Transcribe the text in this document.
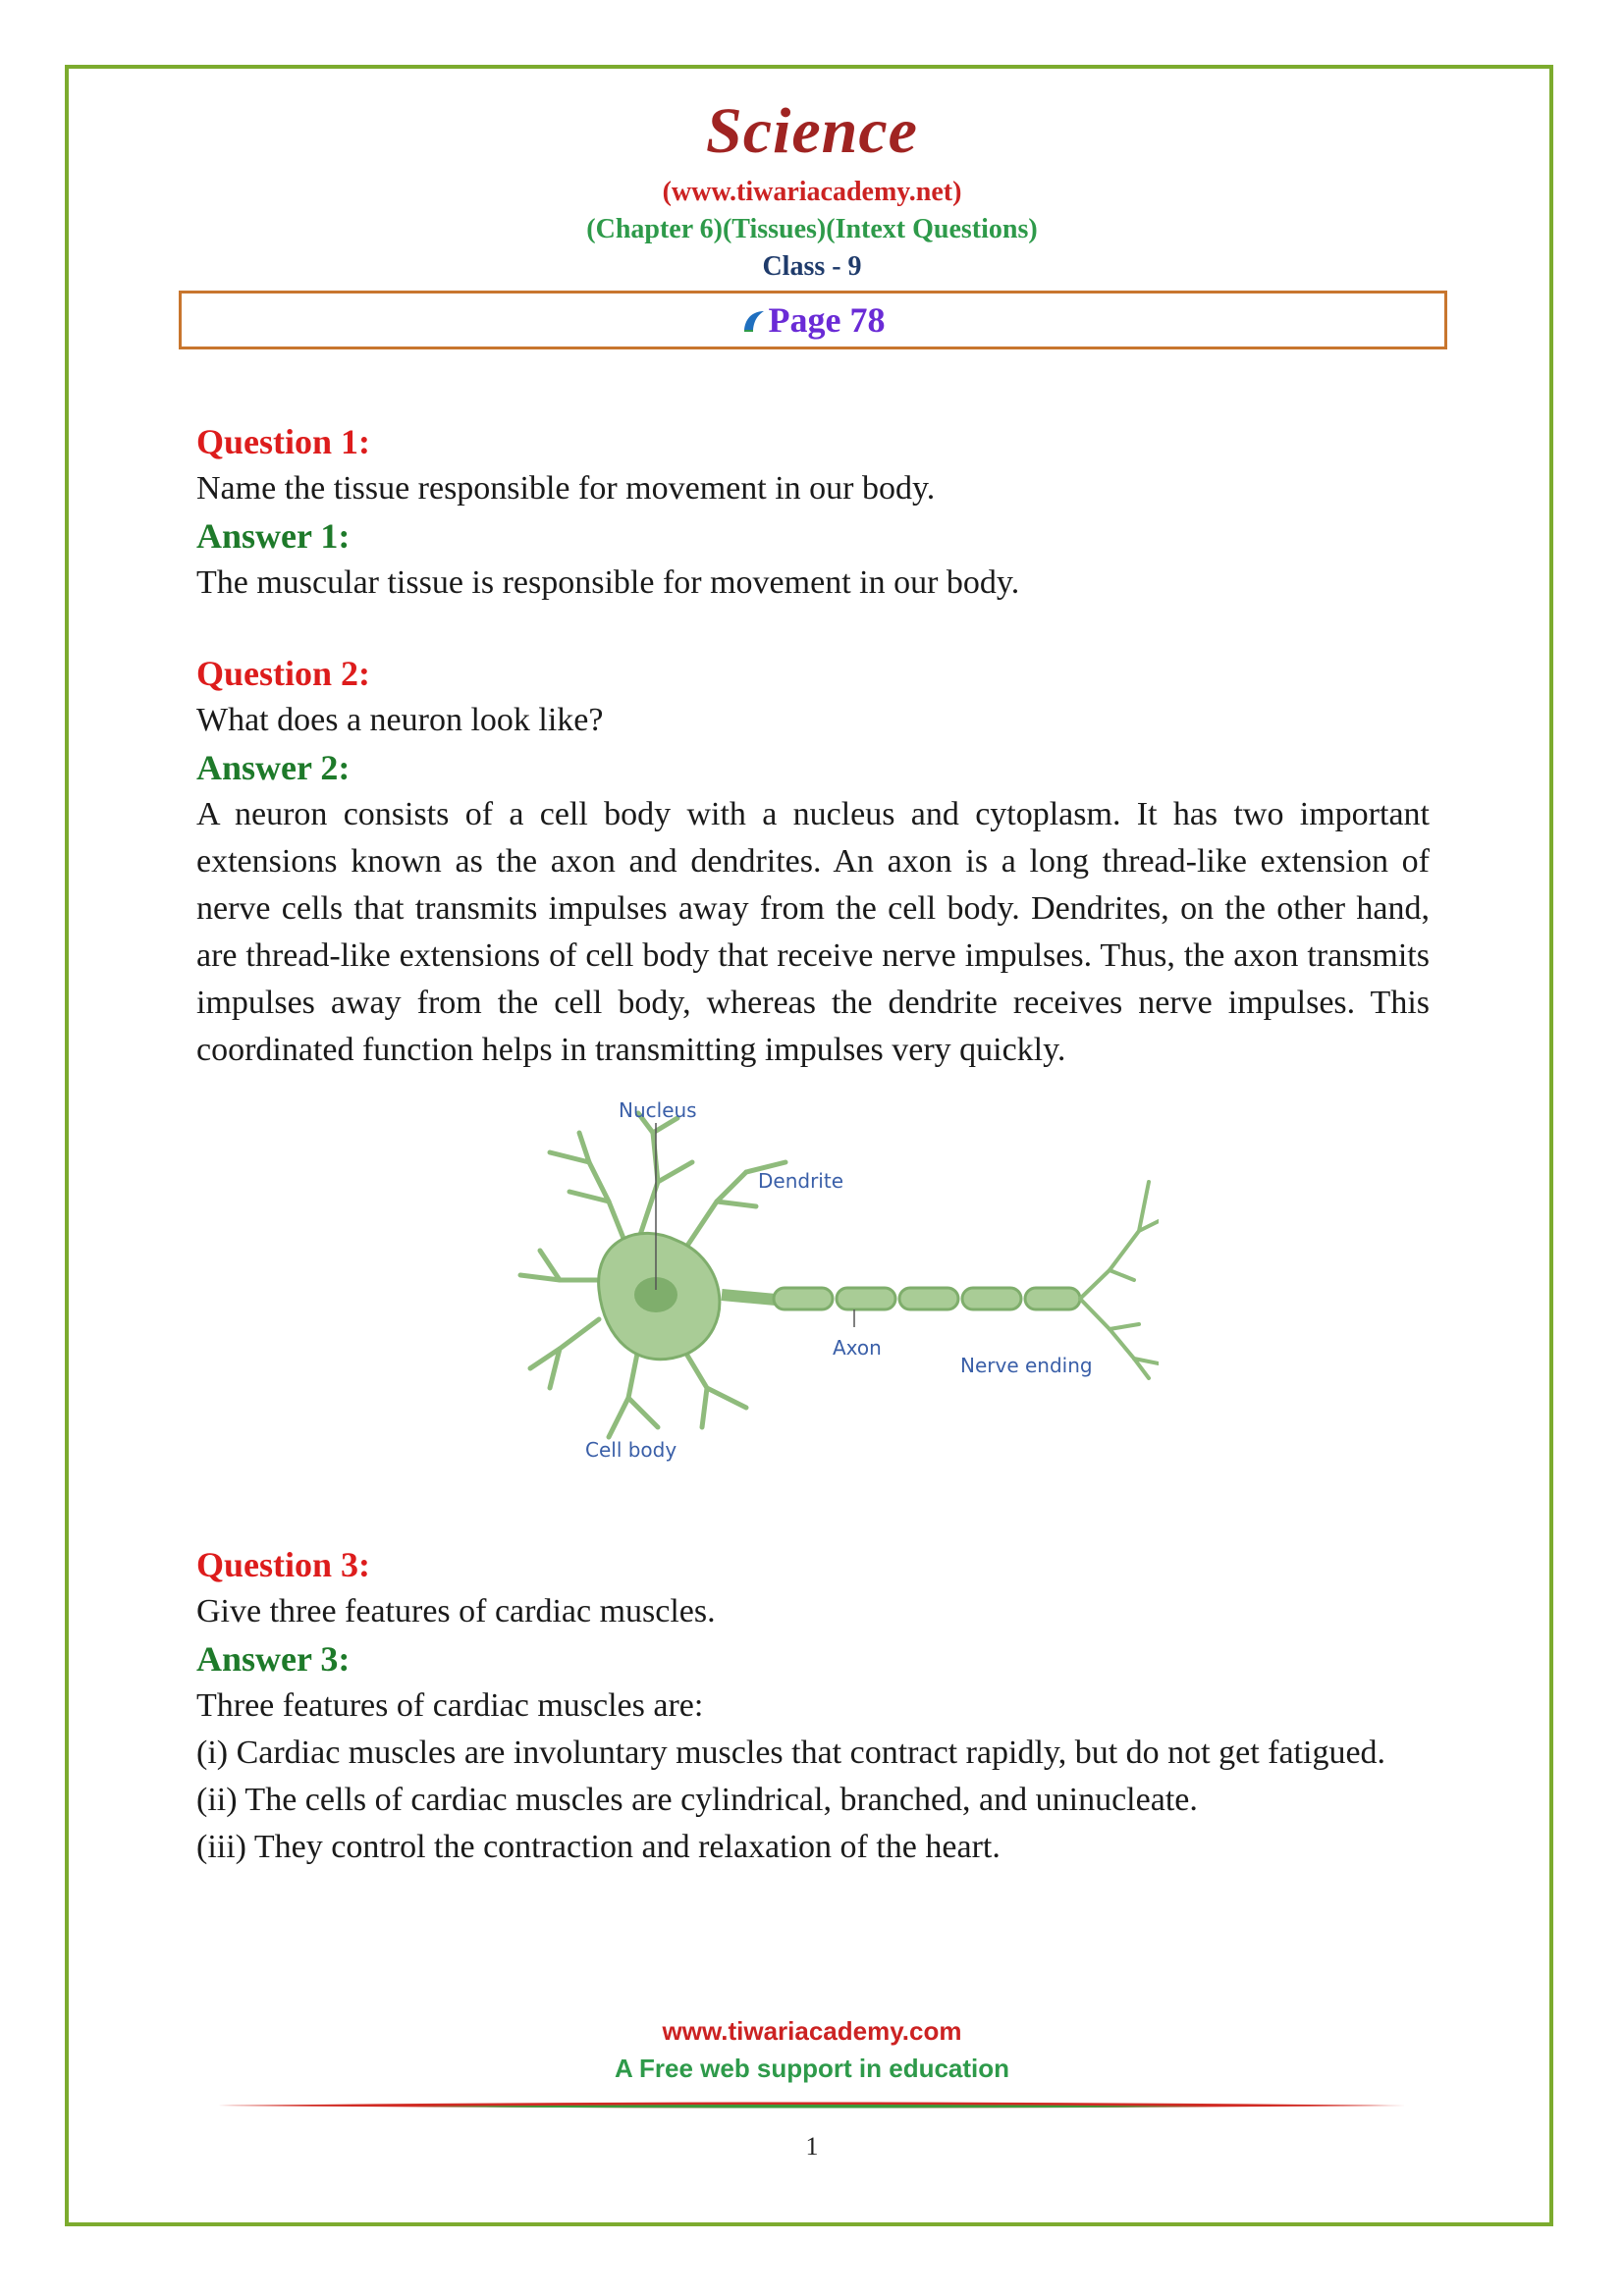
Science
(www.tiwariacademy.net)
(Chapter 6)(Tissues)(Intext Questions)
Class - 9
Page 78
Question 1:

Name the tissue responsible for movement in our body.

Answer 1:

The muscular tissue is responsible for movement in our body.

Question 2:

What does a neuron look like?

Answer 2:

A neuron consists of a cell body with a nucleus and cytoplasm. It has two important extensions known as the axon and dendrites. An axon is a long thread-like extension of nerve cells that transmits impulses away from the cell body. Dendrites, on the other hand, are thread-like extensions of cell body that receive nerve impulses. Thus, the axon transmits impulses away from the cell body, whereas the dendrite receives nerve impulses. This coordinated function helps in transmitting impulses very quickly.

Nucleus
Dendrite
Axon
Nerve ending
Cell body
Question 3:

Give three features of cardiac muscles.

Answer 3:

Three features of cardiac muscles are:

(i) Cardiac muscles are involuntary muscles that contract rapidly, but do not get fatigued.

(ii) The cells of cardiac muscles are cylindrical, branched, and uninucleate.

(iii) They control the contraction and relaxation of the heart.

www.tiwariacademy.com
A Free web support in education
1
